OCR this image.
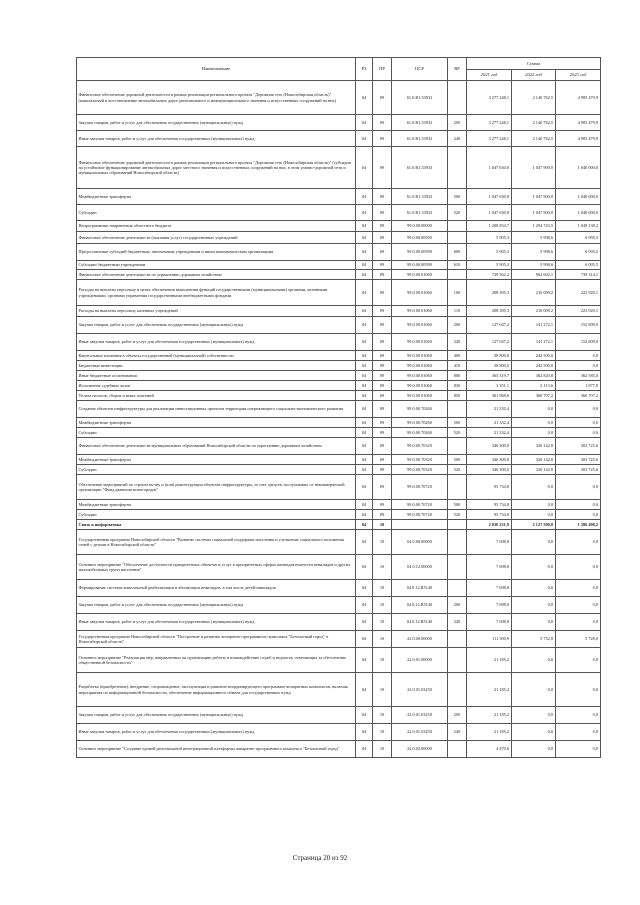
Наименование	РЗ	ПР	ЦСР	ВР	Сумма		
					2021 год	2022 год	2023 год
Финансовое обеспечение дорожной деятельности в рамках реализации регионального проекта "Дорожная сеть (Новосибирская область)" (капитальный и восстановление автомобильных дорог регионального и межмуниципального значения и искусственных сооружений на них)	04	09	61.0.R1.53932		3 277 248,1	2 140 762,5	4 985 479,9
Закупка товаров, работ и услуг для обеспечения государственных (муниципальных) нужд	04	09	61.0.R1.53932	200	3 277 248,1	2 140 762,5	4 985 479,9
Иные закупки товаров, работ и услуг для обеспечения государственных (муниципальных) нужд	04	09	61.0.R1.53932	240	3 277 248,1	2 140 762,5	4 985 479,9
Финансовое обеспечение дорожной деятельности в рамках реализации регионального проекта "Дорожная сеть (Новосибирская область)" (субсидии на устойчивое функционирование автомобильных дорог местного значения и искусственных сооружений на них, в этом улично-дорожной сети и муниципальных образований Новосибирской области)	04	09	61.0.R1.53933		1 047 630,0	1 047 900,0	1 040 000,0
Межбюджетные трансферты	04	09	61.0.R1.53933	500	1 047 630,0	1 047 900,0	1 040 000,0
Субсидии	04	09	61.0.R1.53933	520	1 047 630,0	1 047 900,0	1 040 000,0
Непрограммные направления областного бюджета	04	09	99.0.00.00000		1 208 854,7	1 294 743,5	1 049 138,2
Финансовое обеспечение деятельности (оказания услуг) государственных учреждений	04	09	99.0.00.00590		5 905,3	5 998,6	6 095,5
Предоставление субсидий бюджетным, автономным учреждениям и иным некоммерческим организациям	04	09	99.0.00.00590	600	5 905,3	5 998,6	6 095,5
Субсидии бюджетным учреждениям	04	09	99.0.00.00590	610	5 905,3	5 998,6	6 095,5
Финансовое обеспечение деятельности по управлению дорожным хозяйством	04	09	99.0.00.01060		739 562,2	962 602,1	739 314,1
Расходы на выплаты персоналу в целях обеспечения выполнения функций государственными (муниципальными) органами, казенными учреждениями, органами управления государственными внебюджетными фондами	04	09	99.0.00.01060	100	208 395,3	216 009,2	223 920,1
Расходы на выплаты персоналу казенных учреждений	04	09	99.0.00.01060	110	208 395,3	216 009,2	223 920,1
Закупка товаров, работ и услуг для обеспечения государственных (муниципальных) нужд	04	09	99.0.00.01060	200	127 047,2	141 272,1	152 809,0
Иные закупки товаров, работ и услуг для обеспечения государственных (муниципальных) нужд	04	09	99.0.00.01060	240	127 047,2	141 272,1	152 809,0
Капитальные вложения в объекты государственной (муниципальной) собственности	04	09	99.0.00.01060	400	38 800,0	242 500,0	0,0
Бюджетные инвестиции	04	09	99.0.00.01060	410	38 800,0	242 500,0	0,0
Иные бюджетные ассигнования	04	09	99.0.00.01060	800	365 319,7	362 820,8	362 585,0
Исполнение судебных актов	04	09	99.0.00.01060	830	3 351,1	2 113,6	1 877,8
Уплата налогов, сборов и иных платежей	04	09	99.0.00.01060	850	361 968,6	360 707,2	360 707,2
Создание объектов инфраструктуры для реализации инвестиционных проектов территории опережающего социально-экономического развития	04	09	99.0.00.70260		21 332,4	0,0	0,0
Межбюджетные трансферты	04	09	99.0.00.70260	500	21 332,4	0,0	0,0
Субсидии	04	09	99.0.00.70260	520	21 332,4	0,0	0,0
Финансовое обеспечение деятельности муниципальных образований Новосибирской области по укреплению дорожным хозяйством	04	09	99.0.00.70320		346 300,0	326 142,8	303 725,6
Межбюджетные трансферты	04	09	99.0.00.70320	500	346 300,0	326 142,8	303 725,6
Субсидии	04	09	99.0.00.70320	520	346 300,0	326 142,8	303 725,6
Обеспечение мероприятий по строительству и (или) реконструкции объектов инфраструктуры, за счет средств, поступивших от некоммерческой организации "Фонд развития моногородов"	04	09	99.0.00.70720		95 734,8	0,0	0,0
Межбюджетные трансферты	04	09	99.0.00.70720	500	95 734,8	0,0	0,0
Субсидии	04	09	99.0.00.70720	520	95 734,8	0,0	0,0
Связь и информатика	04	10			2 030 231,9	2 127 590,0	1 386 498,2
Государственная программа Новосибирской области "Развитие системы социальной поддержки населения и улучшение социального положения семей с детьми в Новосибирской области"	04	10	04.0.00.00000		7 698,8	0,0	0,0
Основное мероприятие "Обеспечение доступности приоритетных объектов и услуг в приоритетных сферах жизнедеятельности инвалидов и других маломобильных групп населения"	04	10	04.0.12.00000		7 698,8	0,0	0,0
Формирование системы комплексной реабилитации и абилитации инвалидов, в том числе детей-инвалидов	04	10	04.0.12.R5140		7 698,8	0,0	0,0
Закупка товаров, работ и услуг для обеспечения государственных (муниципальных) нужд	04	10	04.0.12.R5140	200	7 698,8	0,0	0,0
Иные закупки товаров, работ и услуг для обеспечения государственных (муниципальных) нужд	04	10	04.0.12.R5140	240	7 698,8	0,0	0,0
Государственная программа Новосибирской области "Построение и развитие аппаратно-программного комплекса "Безопасный город" в Новосибирской области"	04	10	22.0.00.00000		111 500,9	5 752,8	5 728,0
Основное мероприятие "Реализация мер, направленных на организацию работы и взаимодействие служб и ведомств, отвечающих за обеспечение общественной безопасности"	04	10	22.0.01.00000		21 185,2	0,0	0,0
Разработка (приобретение), внедрение, сопровождение, эксплуатация и развитие координирующего программно-аппаратных комплексов, включая мероприятия по информационной безопасности, обеспечение информационного обмена для государственных нужд	04	10	22.0.01.03250		21 185,2	0,0	0,0
Закупка товаров, работ и услуг для обеспечения государственных (муниципальных) нужд	04	10	22.0.01.03250	200	21 185,2	0,0	0,0
Иные закупки товаров, работ и услуг для обеспечения государственных (муниципальных) нужд	04	10	22.0.01.03250	240	21 185,2	0,0	0,0
Основное мероприятие "Создание единой региональной интеграционной платформы аппаратно-программного комплекса "Безопасный город"	04	10	22.0.02.00000		4 470,6	0,0	0,0
Страница 20 из 92
